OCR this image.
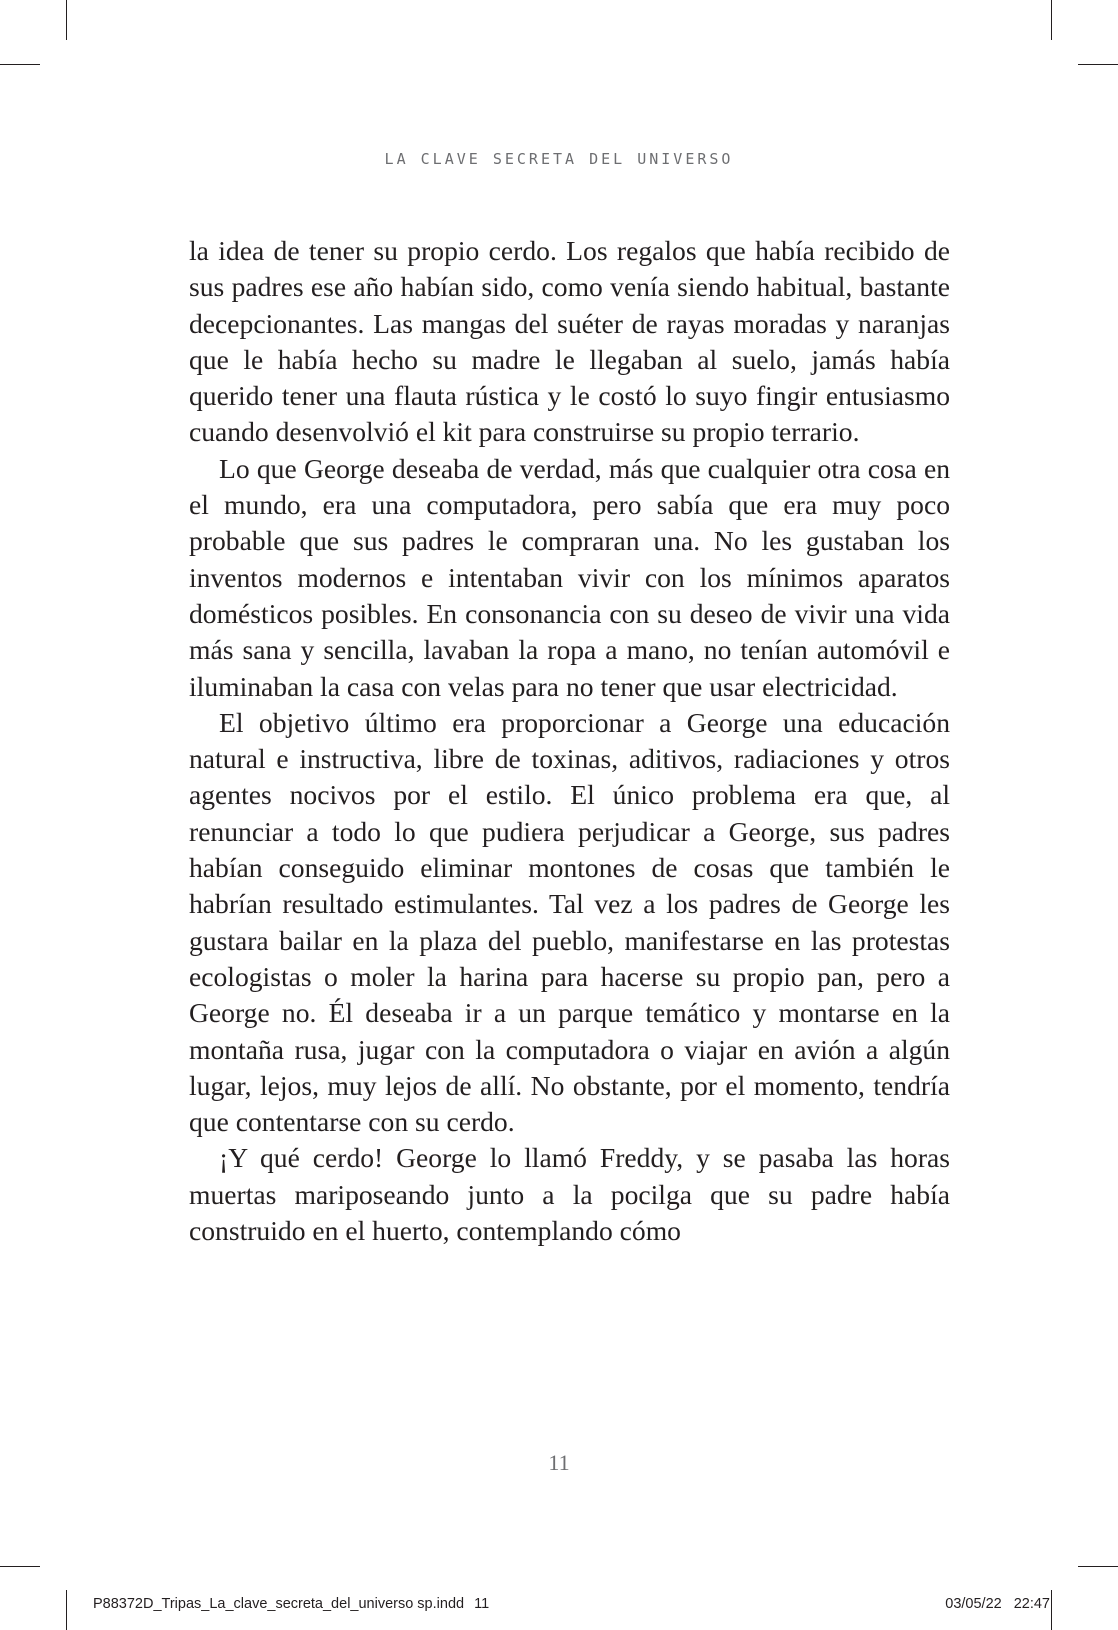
LA CLAVE SECRETA DEL UNIVERSO

la idea de tener su propio cerdo. Los regalos que había recibido de sus padres ese año habían sido, como venía siendo habitual, bastante decepcionantes. Las mangas del suéter de rayas moradas y naranjas que le había hecho su madre le llegaban al suelo, jamás había querido tener una flauta rústica y le costó lo suyo fingir entusiasmo cuando desenvolvió el kit para construirse su propio terrario.

Lo que George deseaba de verdad, más que cualquier otra cosa en el mundo, era una computadora, pero sabía que era muy poco probable que sus padres le compraran una. No les gustaban los inventos modernos e intentaban vivir con los mínimos aparatos domésticos posibles. En consonancia con su deseo de vivir una vida más sana y sencilla, lavaban la ropa a mano, no tenían automóvil e iluminaban la casa con velas para no tener que usar electricidad.

El objetivo último era proporcionar a George una educación natural e instructiva, libre de toxinas, aditivos, radiaciones y otros agentes nocivos por el estilo. El único problema era que, al renunciar a todo lo que pudiera perjudicar a George, sus padres habían conseguido eliminar montones de cosas que también le habrían resultado estimulantes. Tal vez a los padres de George les gustara bailar en la plaza del pueblo, manifestarse en las protestas ecologistas o moler la harina para hacerse su propio pan, pero a George no. Él deseaba ir a un parque temático y montarse en la montaña rusa, jugar con la computadora o viajar en avión a algún lugar, lejos, muy lejos de allí. No obstante, por el momento, tendría que contentarse con su cerdo.

¡Y qué cerdo! George lo llamó Freddy, y se pasaba las horas muertas mariposeando junto a la pocilga que su padre había construido en el huerto, contemplando cómo

11
P88372D_Tripas_La_clave_secreta_del_universo sp.indd 11	03/05/22 22:47
